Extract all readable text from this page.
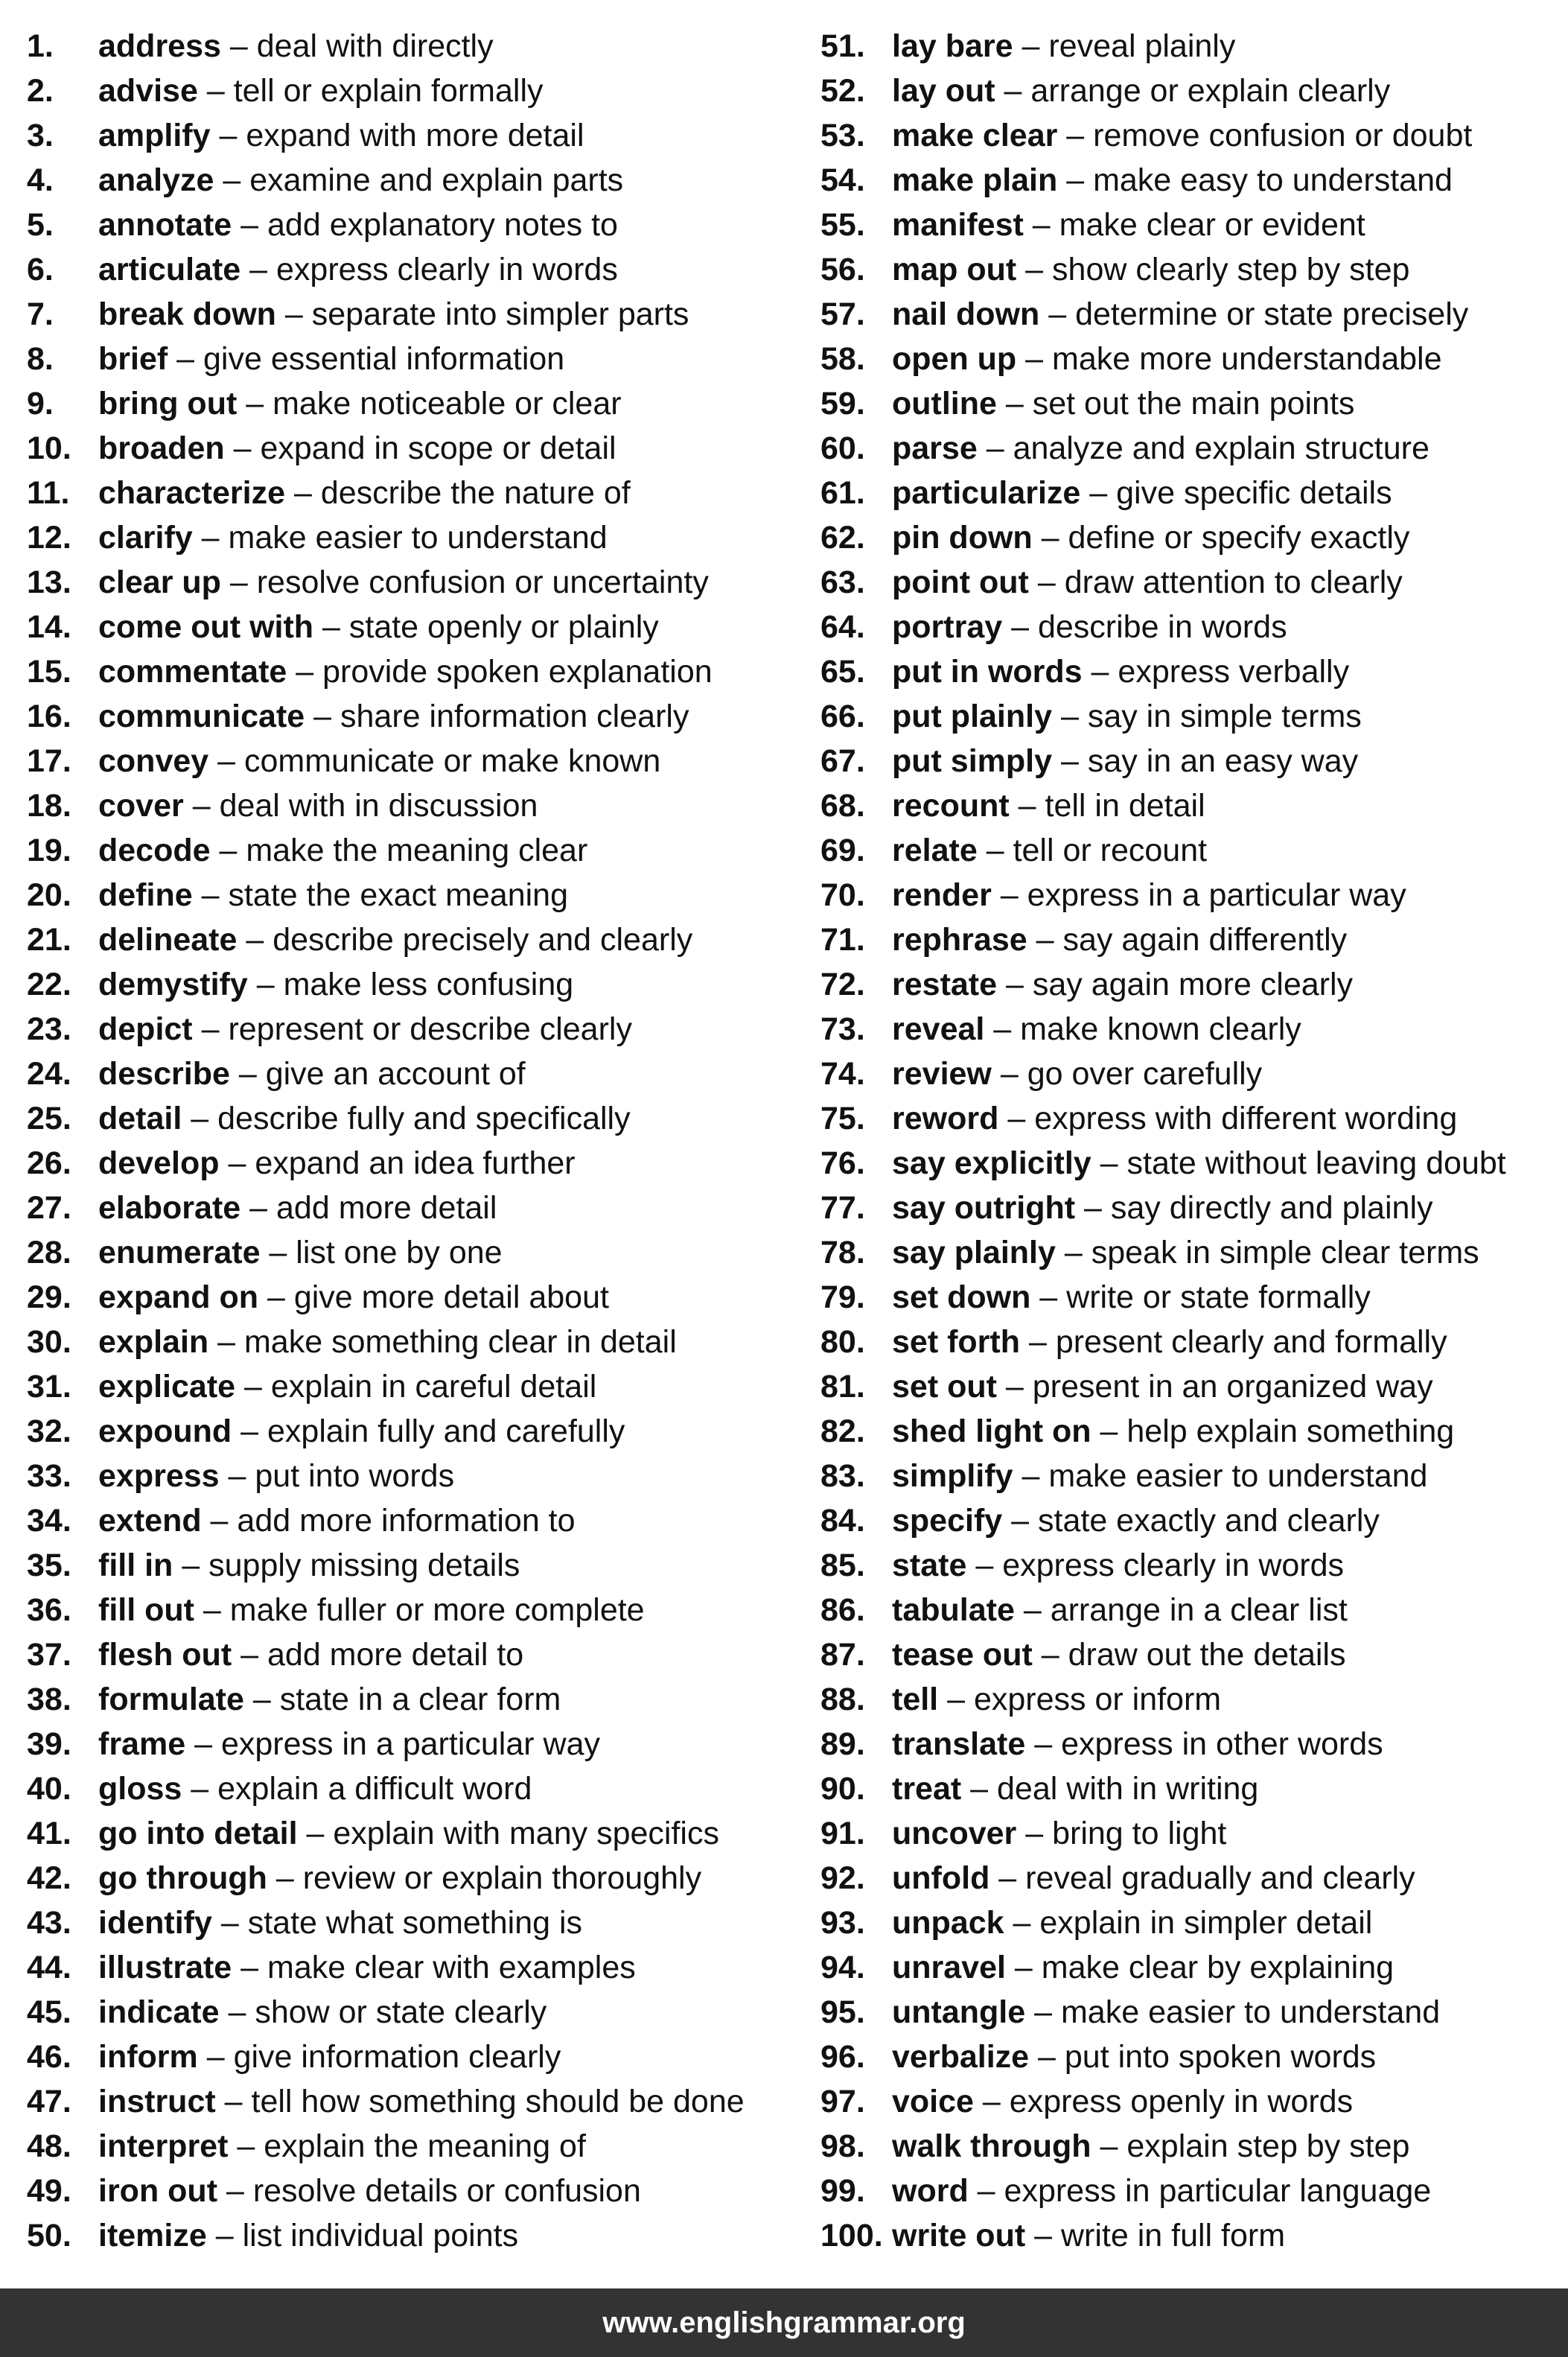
1.	address – deal with directly
2.	advise – tell or explain formally
3.	amplify – expand with more detail
4.	analyze – examine and explain parts
5.	annotate – add explanatory notes to
6.	articulate – express clearly in words
7.	break down – separate into simpler parts
8.	brief – give essential information
9.	bring out – make noticeable or clear
10. broaden – expand in scope or detail
11. characterize – describe the nature of
12. clarify – make easier to understand
13. clear up – resolve confusion or uncertainty
14. come out with – state openly or plainly
15. commentate – provide spoken explanation
16. communicate – share information clearly
17. convey – communicate or make known
18. cover – deal with in discussion
19. decode – make the meaning clear
20. define – state the exact meaning
21. delineate – describe precisely and clearly
22. demystify – make less confusing
23. depict – represent or describe clearly
24. describe – give an account of
25. detail – describe fully and specifically
26. develop – expand an idea further
27. elaborate – add more detail
28. enumerate – list one by one
29. expand on – give more detail about
30. explain – make something clear in detail
31. explicate – explain in careful detail
32. expound – explain fully and carefully
33. express – put into words
34. extend – add more information to
35. fill in – supply missing details
36. fill out – make fuller or more complete
37. flesh out – add more detail to
38. formulate – state in a clear form
39. frame – express in a particular way
40. gloss – explain a difficult word
41. go into detail – explain with many specifics
42. go through – review or explain thoroughly
43. identify – state what something is
44. illustrate – make clear with examples
45. indicate – show or state clearly
46. inform – give information clearly
47. instruct – tell how something should be done
48. interpret – explain the meaning of
49. iron out – resolve details or confusion
50. itemize – list individual points
51. lay bare – reveal plainly
52. lay out – arrange or explain clearly
53. make clear – remove confusion or doubt
54. make plain – make easy to understand
55. manifest – make clear or evident
56. map out – show clearly step by step
57. nail down – determine or state precisely
58. open up – make more understandable
59. outline – set out the main points
60. parse – analyze and explain structure
61. particularize – give specific details
62. pin down – define or specify exactly
63. point out – draw attention to clearly
64. portray – describe in words
65. put in words – express verbally
66. put plainly – say in simple terms
67. put simply – say in an easy way
68. recount – tell in detail
69. relate – tell or recount
70. render – express in a particular way
71. rephrase – say again differently
72. restate – say again more clearly
73. reveal – make known clearly
74. review – go over carefully
75. reword – express with different wording
76. say explicitly – state without leaving doubt
77. say outright – say directly and plainly
78. say plainly – speak in simple clear terms
79. set down – write or state formally
80. set forth – present clearly and formally
81. set out – present in an organized way
82. shed light on – help explain something
83. simplify – make easier to understand
84. specify – state exactly and clearly
85. state – express clearly in words
86. tabulate – arrange in a clear list
87. tease out – draw out the details
88. tell – express or inform
89. translate – express in other words
90. treat – deal with in writing
91. uncover – bring to light
92. unfold – reveal gradually and clearly
93. unpack – explain in simpler detail
94. unravel – make clear by explaining
95. untangle – make easier to understand
96. verbalize – put into spoken words
97. voice – express openly in words
98. walk through – explain step by step
99. word – express in particular language
100. write out – write in full form
www.englishgrammar.org
